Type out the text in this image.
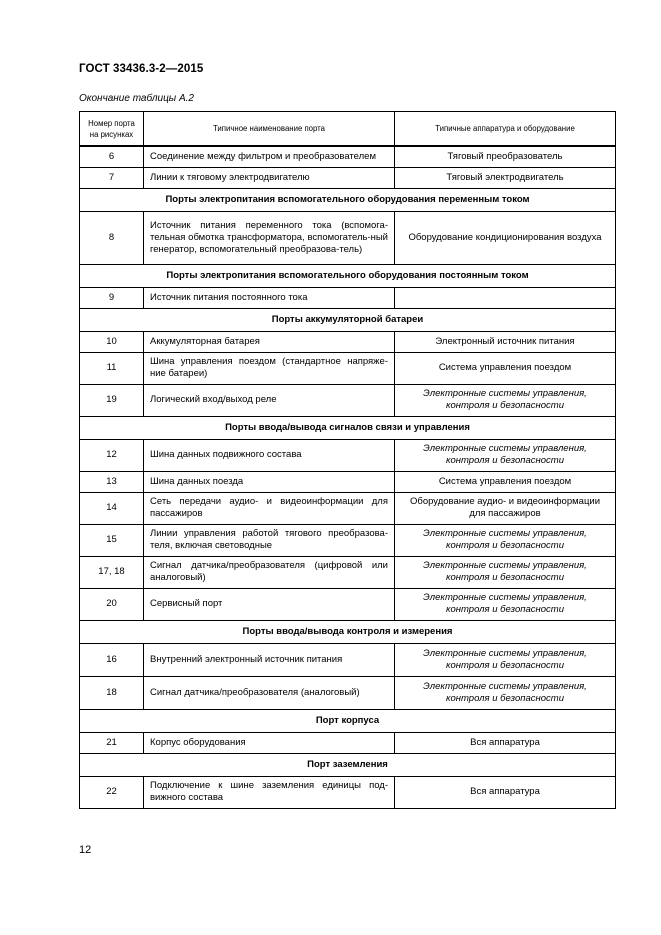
ГОСТ 33436.3-2—2015
Окончание таблицы А.2
Номер порта на рисунках	Типичное наименование порта	Типичные аппаратура и оборудование
6	Соединение между фильтром и преобразователем	Тяговый преобразователь
7	Линии к тяговому электродвигателю	Тяговый электродвигатель
Порты электропитания вспомогательного оборудования переменным током		
8	Источник питания переменного тока (вспомога-тельная обмотка трансформатора, вспомогатель-ный генератор, вспомогательный преобразова-тель)	Оборудование кондиционирования воздуха
Порты электропитания вспомогательного оборудования постоянным током		
9	Источник питания постоянного тока	
Порты аккумуляторной батареи		
10	Аккумуляторная батарея	Электронный источник питания
11	Шина управления поездом (стандартное напряже-ние батареи)	Система управления поездом
19	Логический вход/выход реле	Электронные системы управления, контроля и безопасности
Порты ввода/вывода сигналов связи и управления		
12	Шина данных подвижного состава	Электронные системы управления, контроля и безопасности
13	Шина данных поезда	Система управления поездом
14	Сеть передачи аудио- и видеоинформации для пассажиров	Оборудование аудио- и видеоинформации для пассажиров
15	Линии управления работой тягового преобразова-теля, включая световодные	Электронные системы управления, контроля и безопасности
17, 18	Сигнал датчика/преобразователя (цифровой или аналоговый)	Электронные системы управления, контроля и безопасности
20	Сервисный порт	Электронные системы управления, контроля и безопасности
Порты ввода/вывода контроля и измерения		
16	Внутренний электронный источник питания	Электронные системы управления, контроля и безопасности
18	Сигнал датчика/преобразователя (аналоговый)	Электронные системы управления, контроля и безопасности
Порт корпуса		
21	Корпус оборудования	Вся аппаратура
Порт заземления		
22	Подключение к шине заземления единицы под-вижного состава	Вся аппаратура
12
